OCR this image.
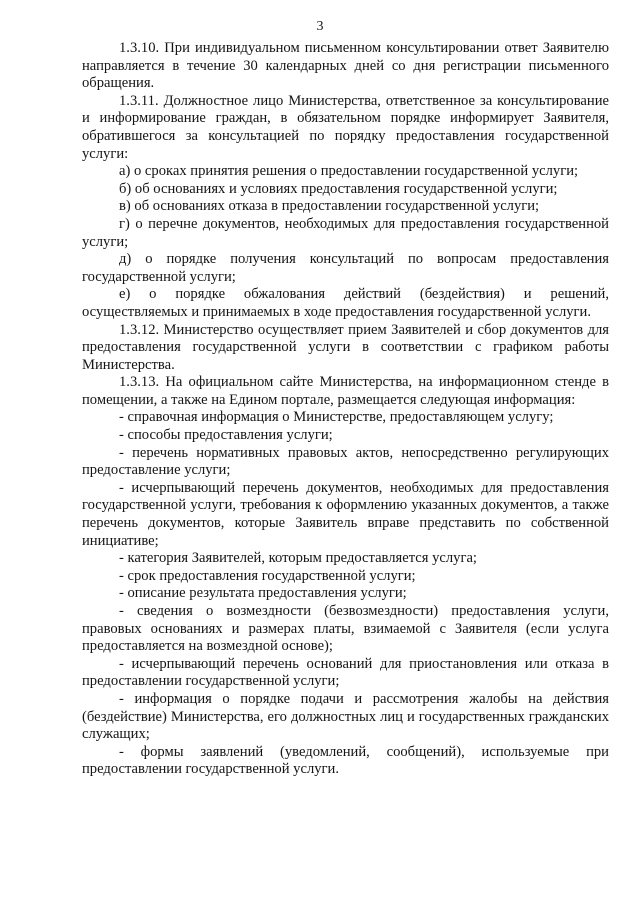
3

1.3.10. При индивидуальном письменном консультировании ответ Заявителю направляется в течение 30 календарных дней со дня регистрации письменного обращения.

1.3.11. Должностное лицо Министерства, ответственное за консультирование и информирование граждан, в обязательном порядке информирует Заявителя, обратившегося за консультацией по порядку предоставления государственной услуги:

а) о сроках принятия решения о предоставлении государственной услуги;

б) об основаниях и условиях предоставления государственной услуги;

в) об основаниях отказа в предоставлении государственной услуги;

г) о перечне документов, необходимых для предоставления государственной услуги;

д) о порядке получения консультаций по вопросам предоставления государственной услуги;

е) о порядке обжалования действий (бездействия) и решений, осуществляемых и принимаемых в ходе предоставления государственной услуги.

1.3.12. Министерство осуществляет прием Заявителей и сбор документов для предоставления государственной услуги в соответствии с графиком работы Министерства.

1.3.13. На официальном сайте Министерства, на информационном стенде в помещении, а также на Едином портале, размещается следующая информация:

- справочная информация о Министерстве, предоставляющем услугу;

- способы предоставления услуги;

- перечень нормативных правовых актов, непосредственно регулирующих предоставление услуги;

- исчерпывающий перечень документов, необходимых для предоставления государственной услуги, требования к оформлению указанных документов, а также перечень документов, которые Заявитель вправе представить по собственной инициативе;

- категория Заявителей, которым предоставляется услуга;

- срок предоставления государственной услуги;

- описание результата предоставления услуги;

- сведения о возмездности (безвозмездности) предоставления услуги, правовых основаниях и размерах платы, взимаемой с Заявителя (если услуга предоставляется на возмездной основе);

- исчерпывающий перечень оснований для приостановления или отказа в предоставлении государственной услуги;

- информация о порядке подачи и рассмотрения жалобы на действия (бездействие) Министерства, его должностных лиц и государственных гражданских служащих;

- формы заявлений (уведомлений, сообщений), используемые при предоставлении государственной услуги.
